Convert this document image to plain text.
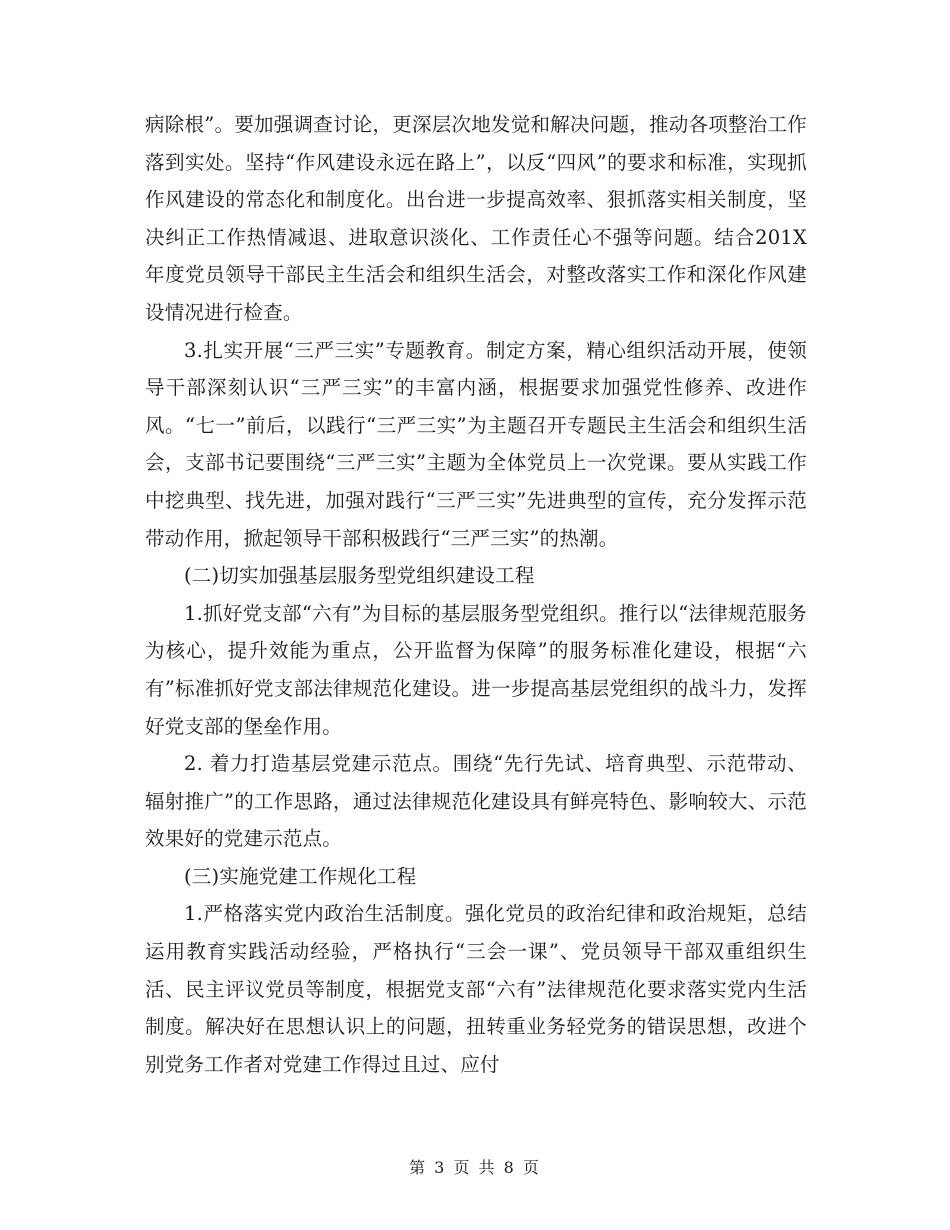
病除根”。要加强调查讨论，更深层次地发觉和解决问题，推动各项整治工作落到实处。坚持“作风建设永远在路上”，以反“四风”的要求和标准，实现抓作风建设的常态化和制度化。出台进一步提高效率、狠抓落实相关制度，坚决纠正工作热情减退、进取意识淡化、工作责任心不强等问题。结合201X年度党员领导干部民主生活会和组织生活会，对整改落实工作和深化作风建设情况进行检查。

3.扎实开展“三严三实”专题教育。制定方案，精心组织活动开展，使领导干部深刻认识“三严三实”的丰富内涵，根据要求加强党性修养、改进作风。“七一”前后，以践行“三严三实”为主题召开专题民主生活会和组织生活会，支部书记要围绕“三严三实”主题为全体党员上一次党课。要从实践工作中挖典型、找先进，加强对践行“三严三实”先进典型的宣传，充分发挥示范带动作用，掀起领导干部积极践行“三严三实”的热潮。

(二)切实加强基层服务型党组织建设工程

1.抓好党支部“六有”为目标的基层服务型党组织。推行以“法律规范服务为核心，提升效能为重点，公开监督为保障”的服务标准化建设，根据“六有”标准抓好党支部法律规范化建设。进一步提高基层党组织的战斗力，发挥好党支部的堡垒作用。

2. 着力打造基层党建示范点。围绕“先行先试、培育典型、示范带动、辐射推广”的工作思路，通过法律规范化建设具有鲜亮特色、影响较大、示范效果好的党建示范点。

(三)实施党建工作规化工程

1.严格落实党内政治生活制度。强化党员的政治纪律和政治规矩，总结运用教育实践活动经验，严格执行“三会一课”、党员领导干部双重组织生活、民主评议党员等制度，根据党支部“六有”法律规范化要求落实党内生活制度。解决好在思想认识上的问题，扭转重业务轻党务的错误思想，改进个别党务工作者对党建工作得过且过、应付

第 3 页 共 8 页
